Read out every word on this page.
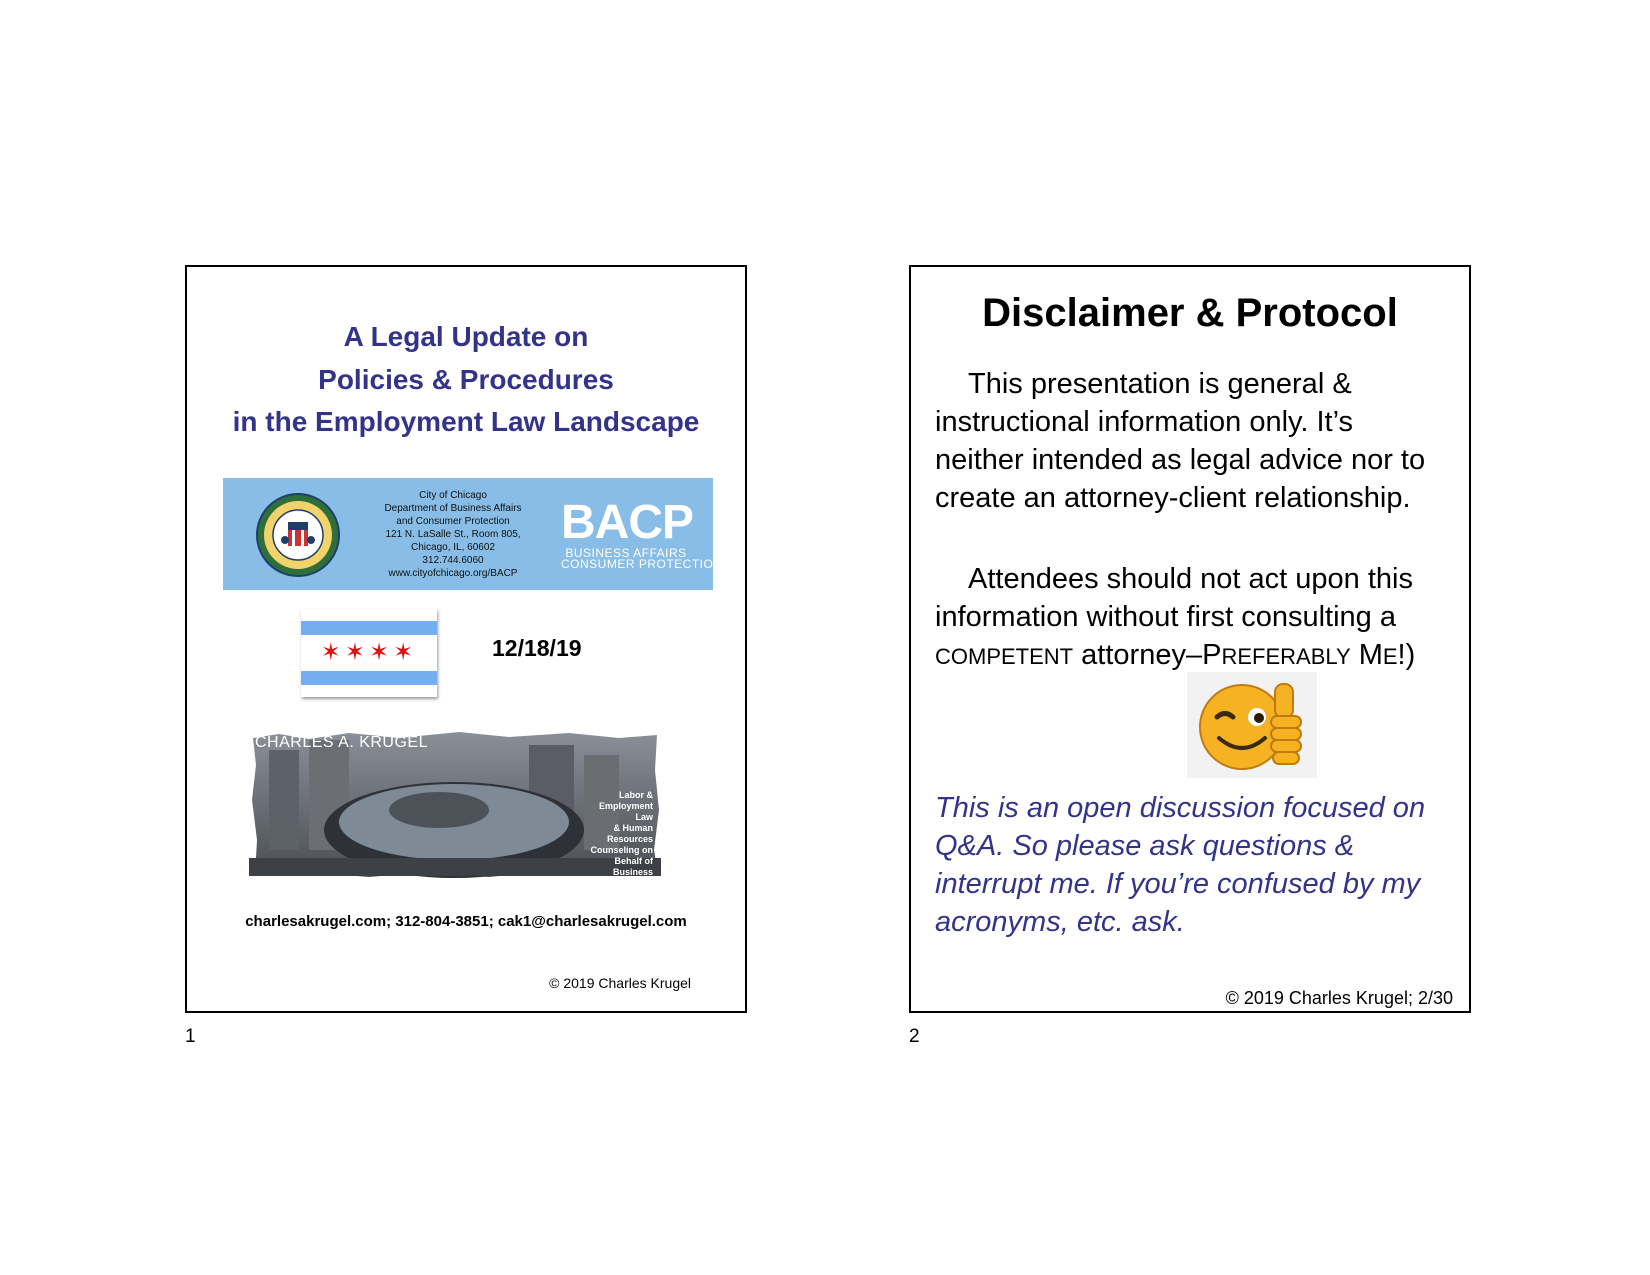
A Legal Update on
Policies & Procedures
in the Employment Law Landscape
City of Chicago
Department of Business Affairs
and Consumer Protection
121 N. LaSalle St., Room 805,
Chicago, IL, 60602
312.744.6060
www.cityofchicago.org/BACP
BACP
BUSINESS AFFAIRS
CONSUMER PROTECTION
✶✶✶✶	12/18/19
CHARLES A. KRUGEL
Labor &
Employment
Law
& Human
Resources
Counseling on
Behalf of
Business
charlesakrugel.com; 312-804-3851; cak1@charlesakrugel.com
© 2019 Charles Krugel
1
Disclaimer & Protocol
This presentation is general & instructional information only. It’s neither intended as legal advice nor to create an attorney-client relationship.
Attendees should not act upon this information without first consulting a COMPETENT attorney–PREFERABLY ME!)
This is an open discussion focused on Q&A. So please ask questions & interrupt me. If you’re confused by my acronyms, etc. ask.
© 2019 Charles Krugel; 2/30
2
